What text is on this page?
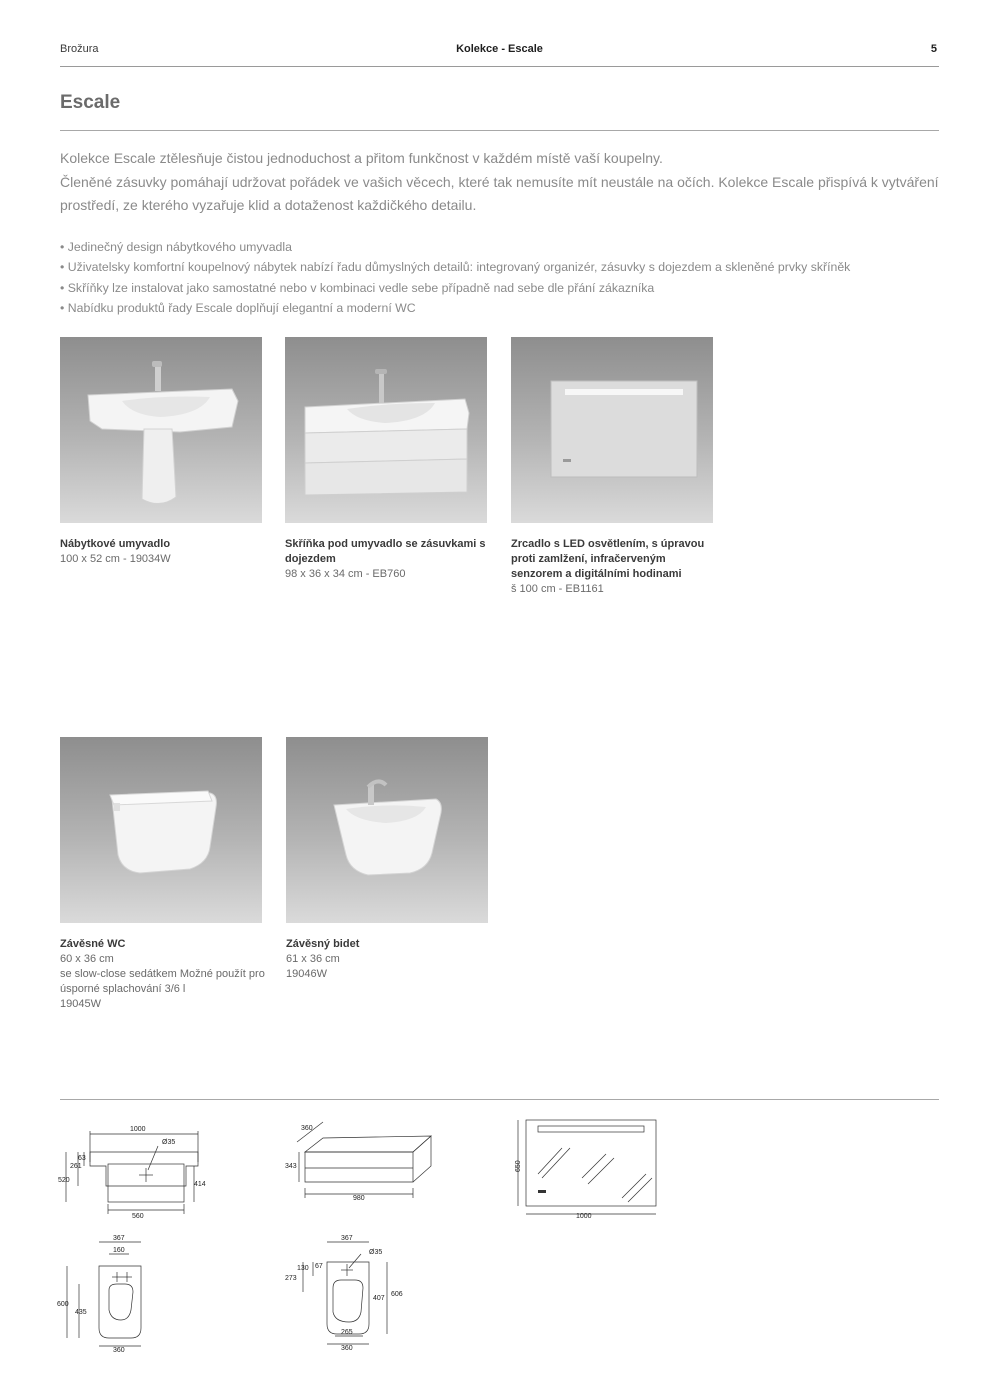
Brožura	Kolekce - Escale	5
Escale

Kolekce Escale ztělesňuje čistou jednoduchost a přitom funkčnost v každém místě vaší koupelny.

Členěné zásuvky pomáhají udržovat pořádek ve vašich věcech, které tak nemusíte mít neustále na očích. Kolekce Escale přispívá k vytváření prostředí, ze kterého vyzařuje klid a dotaženost každičkého detailu.

• Jedinečný design nábytkového umyvadla
• Uživatelsky komfortní koupelnový nábytek nabízí řadu důmyslných detailů: integrovaný organizér, zásuvky s dojezdem a skleněné prvky skříněk
• Skříňky lze instalovat jako samostatné nebo v kombinaci vedle sebe případně nad sebe dle přání zákazníka
• Nabídku produktů řady Escale doplňují elegantní a moderní WC
Nábytkové umyvadlo
100 x 52 cm - 19034W
Skříňka pod umyvadlo se zásuvkami s dojezdem
98 x 36 x 34 cm - EB760
Zrcadlo s LED osvětlením, s úpravou proti zamlžení, infračerveným senzorem a digitálními hodinami
š 100 cm - EB1161
Závěsné WC
60 x 36 cm
se slow-close sedátkem Možné použít pro úsporné splachování 3/6 l
19045W
Závěsný bidet
61 x 36 cm
19046W
1000
Ø35
63
261
520
414
560
360
343
980
650
1000
367
160
600
435
360
367
Ø35
130 67
273
407
606
265
360
